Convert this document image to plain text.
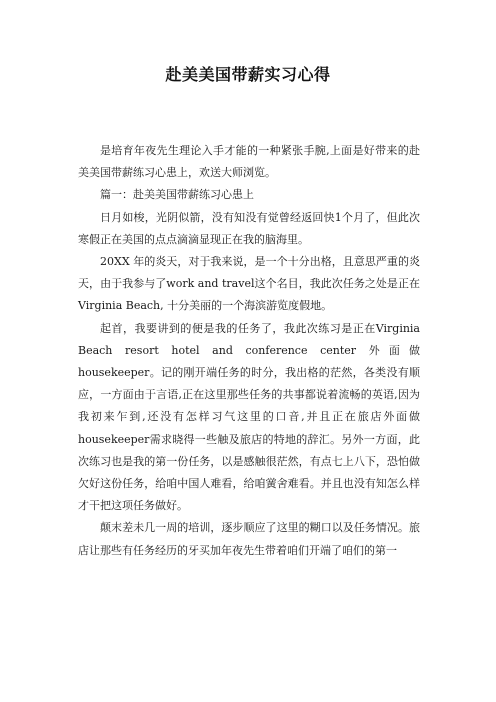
赴美美国带薪实习心得

是培育年夜先生理论入手才能的一种紧张手腕,上面是好带来的赴美美国带薪练习心患上，欢送大师浏览。

篇一：赴美美国带薪练习心患上

日月如梭，光阴似箭，没有知没有觉曾经返回快1个月了，但此次寒假正在美国的点点滴滴显现正在我的脑海里。

20XX 年的炎天，对于我来说，是一个十分出格，且意思严重的炎天，由于我参与了work and travel这个名目，我此次任务之处是正在Virginia Beach, 十分美丽的一个海滨游览度假地。

起首，我要讲到的便是我的任务了，我此次练习是正在Virginia Beach resort hotel and conference center 外面做housekeeper。记的刚开端任务的时分，我出格的茫然，各类没有顺应，一方面由于言语,正在这里那些任务的共事都说着流畅的英语,因为我初来乍到,还没有怎样习气这里的口音,并且正在旅店外面做housekeeper需求晓得一些触及旅店的特地的辞汇。另外一方面，此次练习也是我的第一份任务，以是感触很茫然，有点七上八下，恐怕做欠好这份任务，给咱中国人难看，给咱黉舍难看。并且也没有知怎么样才干把这项任务做好。

颠末差未几一周的培训，逐步顺应了这里的糊口以及任务情况。旅店让那些有任务经历的牙买加年夜先生带着咱们开端了咱们的第一
